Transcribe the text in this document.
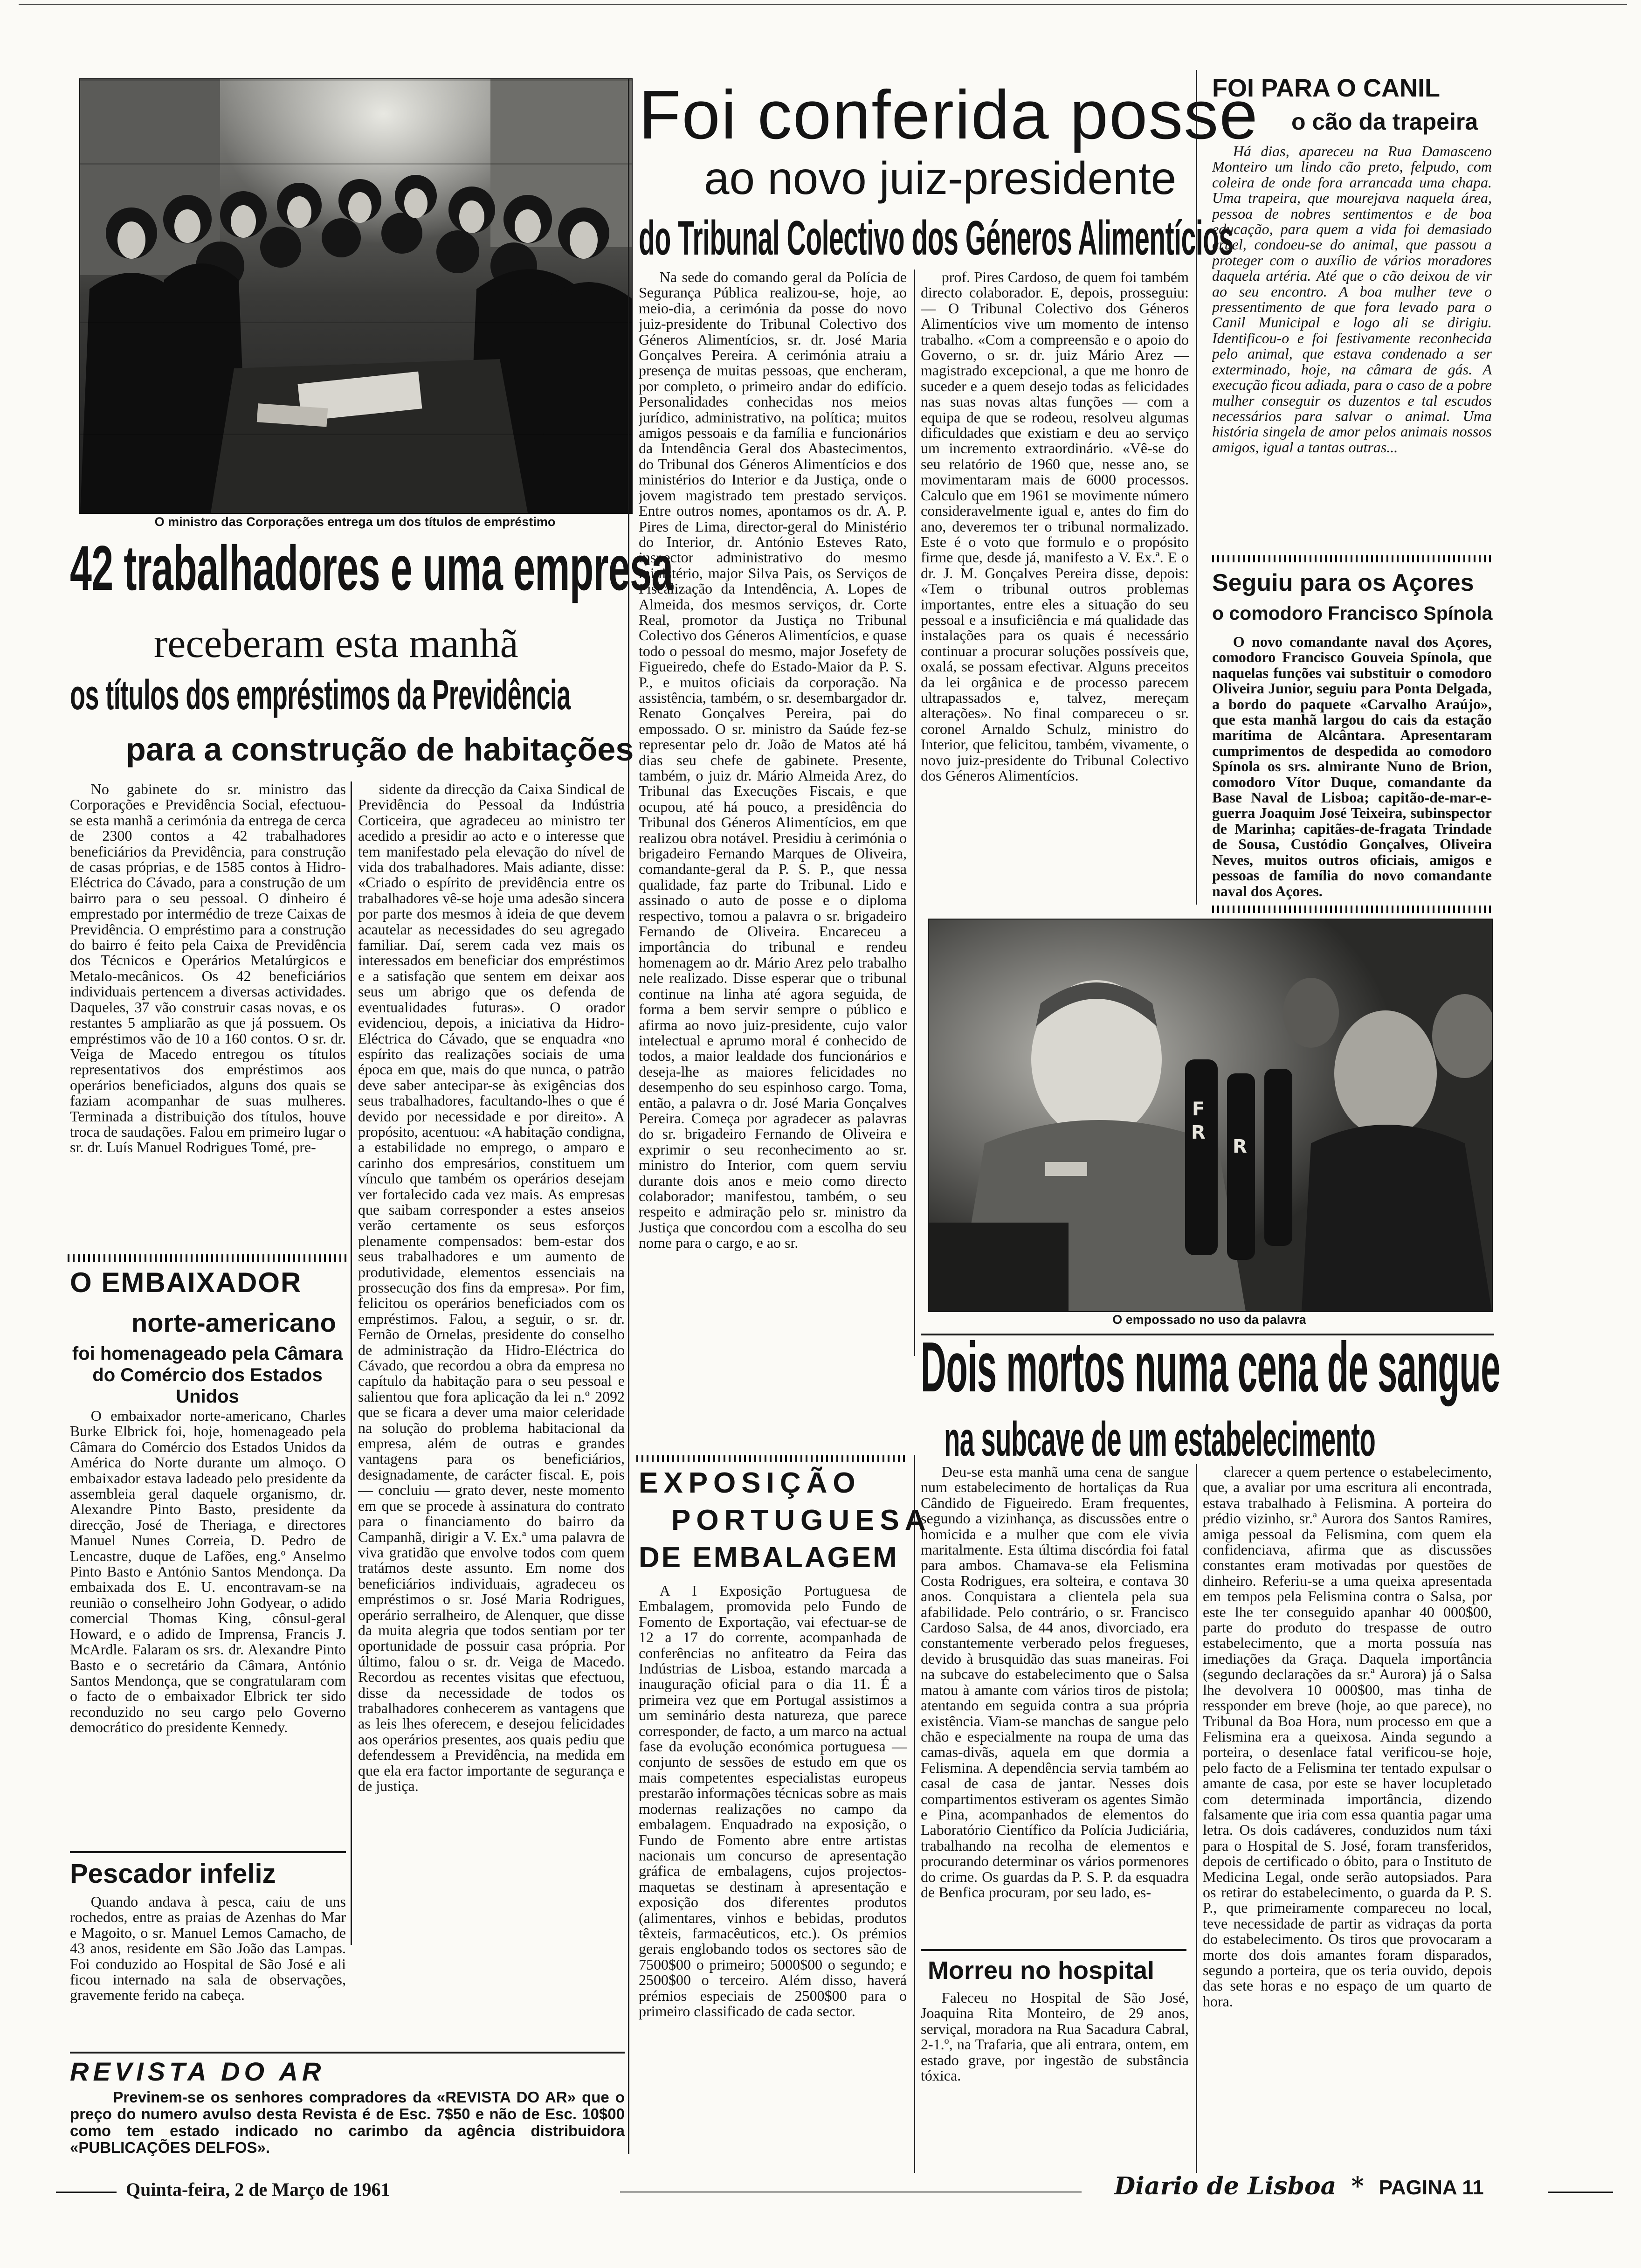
O ministro das Corporações entrega um dos títulos de empréstimo
42 trabalhadores e uma empresa
receberam esta manhã
os títulos dos empréstimos da Previdência
para a construção de habitações

No gabinete do sr. ministro das Corporações e Previdência Social, efectuou-se esta manhã a cerimónia da entrega de cerca de 2300 contos a 42 trabalhadores beneficiários da Previdência, para construção de casas próprias, e de 1585 contos à Hidro-Eléctrica do Cávado, para a construção de um bairro para o seu pessoal. O dinheiro é emprestado por intermédio de treze Caixas de Previdência. O empréstimo para a construção do bairro é feito pela Caixa de Previdência dos Técnicos e Operários Metalúrgicos e Metalo-mecânicos. Os 42 beneficiários individuais pertencem a diversas actividades. Daqueles, 37 vão construir casas novas, e os restantes 5 ampliarão as que já possuem. Os empréstimos vão de 10 a 160 contos. O sr. dr. Veiga de Macedo entregou os títulos representativos dos empréstimos aos operários beneficiados, alguns dos quais se faziam acompanhar de suas mulheres. Terminada a distribuição dos títulos, houve troca de saudações. Falou em primeiro lugar o sr. dr. Luís Manuel Rodrigues Tomé, pre-

sidente da direcção da Caixa Sindical de Previdência do Pessoal da Indústria Corticeira, que agradeceu ao ministro ter acedido a presidir ao acto e o interesse que tem manifestado pela elevação do nível de vida dos trabalhadores. Mais adiante, disse: «Criado o espírito de previdência entre os trabalhadores vê-se hoje uma adesão sincera por parte dos mesmos à ideia de que devem acautelar as necessidades do seu agregado familiar. Daí, serem cada vez mais os interessados em beneficiar dos empréstimos e a satisfação que sentem em deixar aos seus um abrigo que os defenda de eventualidades futuras». O orador evidenciou, depois, a iniciativa da Hidro-Eléctrica do Cávado, que se enquadra «no espírito das realizações sociais de uma época em que, mais do que nunca, o patrão deve saber antecipar-se às exigências dos seus trabalhadores, facultando-lhes o que é devido por necessidade e por direito». A propósito, acentuou: «A habitação condigna, a estabilidade no emprego, o amparo e carinho dos empresários, constituem um vínculo que também os operários desejam ver fortalecido cada vez mais. As empresas que saibam corresponder a estes anseios verão certamente os seus esforços plenamente compensados: bem-estar dos seus trabalhadores e um aumento de produtividade, elementos essenciais na prossecução dos fins da empresa». Por fim, felicitou os operários beneficiados com os empréstimos. Falou, a seguir, o sr. dr. Fernão de Ornelas, presidente do conselho de administração da Hidro-Eléctrica do Cávado, que recordou a obra da empresa no capítulo da habitação para o seu pessoal e salientou que fora aplicação da lei n.º 2092 que se ficara a dever uma maior celeridade na solução do problema habitacional da empresa, além de outras e grandes vantagens para os beneficiários, designadamente, de carácter fiscal. E, pois — concluiu — grato dever, neste momento em que se procede à assinatura do contrato para o financiamento do bairro da Campanhã, dirigir a V. Ex.ª uma palavra de viva gratidão que envolve todos com quem tratámos deste assunto. Em nome dos beneficiários individuais, agradeceu os empréstimos o sr. José Maria Rodrigues, operário serralheiro, de Alenquer, que disse da muita alegria que todos sentiam por ter oportunidade de possuir casa própria. Por último, falou o sr. dr. Veiga de Macedo. Recordou as recentes visitas que efectuou, disse da necessidade de todos os trabalhadores conhecerem as vantagens que as leis lhes oferecem, e desejou felicidades aos operários presentes, aos quais pediu que defendessem a Previdência, na medida em que ela era factor importante de segurança e de justiça.

O EMBAIXADOR
norte-americano
foi homenageado pela Câmara do Comércio dos Estados Unidos

O embaixador norte-americano, Charles Burke Elbrick foi, hoje, homenageado pela Câmara do Comércio dos Estados Unidos da América do Norte durante um almoço. O embaixador estava ladeado pelo presidente da assembleia geral daquele organismo, dr. Alexandre Pinto Basto, presidente da direcção, José de Theriaga, e directores Manuel Nunes Correia, D. Pedro de Lencastre, duque de Lafões, eng.º Anselmo Pinto Basto e António Santos Mendonça. Da embaixada dos E. U. encontravam-se na reunião o conselheiro John Godyear, o adido comercial Thomas King, cônsul-geral Howard, e o adido de Imprensa, Francis J. McArdle. Falaram os srs. dr. Alexandre Pinto Basto e o secretário da Câmara, António Santos Mendonça, que se congratularam com o facto de o embaixador Elbrick ter sido reconduzido no seu cargo pelo Governo democrático do presidente Kennedy.

Pescador infeliz

Quando andava à pesca, caiu de uns rochedos, entre as praias de Azenhas do Mar e Magoito, o sr. Manuel Lemos Camacho, de 43 anos, residente em São João das Lampas. Foi conduzido ao Hospital de São José e ali ficou internado na sala de observações, gravemente ferido na cabeça.

REVISTA DO AR
Previnem-se os senhores compradores da «REVISTA DO AR» que o preço do numero avulso desta Revista é de Esc. 7$50 e não de Esc. 10$00 como tem estado indicado no carimbo da agência distribuidora «PUBLICAÇÕES DELFOS».
Foi conferida posse
ao novo juiz-presidente
do Tribunal Colectivo dos Géneros Alimentícios

Na sede do comando geral da Polícia de Segurança Pública realizou-se, hoje, ao meio-dia, a cerimónia da posse do novo juiz-presidente do Tribunal Colectivo dos Géneros Alimentícios, sr. dr. José Maria Gonçalves Pereira. A cerimónia atraiu a presença de muitas pessoas, que encheram, por completo, o primeiro andar do edifício. Personalidades conhecidas nos meios jurídico, administrativo, na política; muitos amigos pessoais e da família e funcionários da Intendência Geral dos Abastecimentos, do Tribunal dos Géneros Alimentícios e dos ministérios do Interior e da Justiça, onde o jovem magistrado tem prestado serviços. Entre outros nomes, apontamos os dr. A. P. Pires de Lima, director-geral do Ministério do Interior, dr. António Esteves Rato, inspector administrativo do mesmo ministério, major Silva Pais, os Serviços de Fiscalização da Intendência, A. Lopes de Almeida, dos mesmos serviços, dr. Corte Real, promotor da Justiça no Tribunal Colectivo dos Géneros Alimentícios, e quase todo o pessoal do mesmo, major Josefety de Figueiredo, chefe do Estado-Maior da P. S. P., e muitos oficiais da corporação. Na assistência, também, o sr. desembargador dr. Renato Gonçalves Pereira, pai do empossado. O sr. ministro da Saúde fez-se representar pelo dr. João de Matos até há dias seu chefe de gabinete. Presente, também, o juiz dr. Mário Almeida Arez, do Tribunal das Execuções Fiscais, e que ocupou, até há pouco, a presidência do Tribunal dos Géneros Alimentícios, em que realizou obra notável. Presidiu à cerimónia o brigadeiro Fernando Marques de Oliveira, comandante-geral da P. S. P., que nessa qualidade, faz parte do Tribunal. Lido e assinado o auto de posse e o diploma respectivo, tomou a palavra o sr. brigadeiro Fernando de Oliveira. Encareceu a importância do tribunal e rendeu homenagem ao dr. Mário Arez pelo trabalho nele realizado. Disse esperar que o tribunal continue na linha até agora seguida, de forma a bem servir sempre o público e afirma ao novo juiz-presidente, cujo valor intelectual e aprumo moral é conhecido de todos, a maior lealdade dos funcionários e deseja-lhe as maiores felicidades no desempenho do seu espinhoso cargo. Toma, então, a palavra o dr. José Maria Gonçalves Pereira. Começa por agradecer as palavras do sr. brigadeiro Fernando de Oliveira e exprimir o seu reconhecimento ao sr. ministro do Interior, com quem serviu durante dois anos e meio como directo colaborador; manifestou, também, o seu respeito e admiração pelo sr. ministro da Justiça que concordou com a escolha do seu nome para o cargo, e ao sr.

prof. Pires Cardoso, de quem foi também directo colaborador. E, depois, prosseguiu: — O Tribunal Colectivo dos Géneros Alimentícios vive um momento de intenso trabalho. «Com a compreensão e o apoio do Governo, o sr. dr. juiz Mário Arez — magistrado excepcional, a que me honro de suceder e a quem desejo todas as felicidades nas suas novas altas funções — com a equipa de que se rodeou, resolveu algumas dificuldades que existiam e deu ao serviço um incremento extraordinário. «Vê-se do seu relatório de 1960 que, nesse ano, se movimentaram mais de 6000 processos. Calculo que em 1961 se movimente número consideravelmente igual e, antes do fim do ano, deveremos ter o tribunal normalizado. Este é o voto que formulo e o propósito firme que, desde já, manifesto a V. Ex.ª. E o dr. J. M. Gonçalves Pereira disse, depois: «Tem o tribunal outros problemas importantes, entre eles a situação do seu pessoal e a insuficiência e má qualidade das instalações para os quais é necessário continuar a procurar soluções possíveis que, oxalá, se possam efectivar. Alguns preceitos da lei orgânica e de processo parecem ultrapassados e, talvez, mereçam alterações». No final compareceu o sr. coronel Arnaldo Schulz, ministro do Interior, que felicitou, também, vivamente, o novo juiz-presidente do Tribunal Colectivo dos Géneros Alimentícios.

EXPOSIÇÃO
PORTUGUESA
DE EMBALAGEM

A I Exposição Portuguesa de Embalagem, promovida pelo Fundo de Fomento de Exportação, vai efectuar-se de 12 a 17 do corrente, acompanhada de conferências no anfiteatro da Feira das Indústrias de Lisboa, estando marcada a inauguração oficial para o dia 11. É a primeira vez que em Portugal assistimos a um seminário desta natureza, que parece corresponder, de facto, a um marco na actual fase da evolução económica portuguesa — conjunto de sessões de estudo em que os mais competentes especialistas europeus prestarão informações técnicas sobre as mais modernas realizações no campo da embalagem. Enquadrado na exposição, o Fundo de Fomento abre entre artistas nacionais um concurso de apresentação gráfica de embalagens, cujos projectos-maquetas se destinam à apresentação e exposição dos diferentes produtos (alimentares, vinhos e bebidas, produtos têxteis, farmacêuticos, etc.). Os prémios gerais englobando todos os sectores são de 7500$00 o primeiro; 5000$00 o segundo; e 2500$00 o terceiro. Além disso, haverá prémios especiais de 2500$00 para o primeiro classificado de cada sector.

Morreu no hospital

Faleceu no Hospital de São José, Joaquina Rita Monteiro, de 29 anos, serviçal, moradora na Rua Sacadura Cabral, 2-1.º, na Trafaria, que ali entrara, ontem, em estado grave, por ingestão de substância tóxica.

FOI PARA O CANIL
o cão da trapeira

Há dias, apareceu na Rua Damasceno Monteiro um lindo cão preto, felpudo, com coleira de onde fora arrancada uma chapa. Uma trapeira, que mourejava naquela área, pessoa de nobres sentimentos e de boa educação, para quem a vida foi demasiado cruel, condoeu-se do animal, que passou a proteger com o auxílio de vários moradores daquela artéria. Até que o cão deixou de vir ao seu encontro. A boa mulher teve o pressentimento de que fora levado para o Canil Municipal e logo ali se dirigiu. Identificou-o e foi festivamente reconhecida pelo animal, que estava condenado a ser exterminado, hoje, na câmara de gás. A execução ficou adiada, para o caso de a pobre mulher conseguir os duzentos e tal escudos necessários para salvar o animal. Uma história singela de amor pelos animais nossos amigos, igual a tantas outras...

Seguiu para os Açores
o comodoro Francisco Spínola

O novo comandante naval dos Açores, comodoro Francisco Gouveia Spínola, que naquelas funções vai substituir o comodoro Oliveira Junior, seguiu para Ponta Delgada, a bordo do paquete «Carvalho Araújo», que esta manhã largou do cais da estação marítima de Alcântara. Apresentaram cumprimentos de despedida ao comodoro Spínola os srs. almirante Nuno de Brion, comodoro Vítor Duque, comandante da Base Naval de Lisboa; capitão-de-mar-e-guerra Joaquim José Teixeira, subinspector de Marinha; capitães-de-fragata Trindade de Sousa, Custódio Gonçalves, Oliveira Neves, muitos outros oficiais, amigos e pessoas de família do novo comandante naval dos Açores.

F
R
R
O empossado no uso da palavra
Dois mortos numa cena de sangue
na subcave de um estabelecimento

Deu-se esta manhã uma cena de sangue num estabelecimento de hortaliças da Rua Cândido de Figueiredo. Eram frequentes, segundo a vizinhança, as discussões entre o homicida e a mulher que com ele vivia maritalmente. Esta última discórdia foi fatal para ambos. Chamava-se ela Felismina Costa Rodrigues, era solteira, e contava 30 anos. Conquistara a clientela pela sua afabilidade. Pelo contrário, o sr. Francisco Cardoso Salsa, de 44 anos, divorciado, era constantemente verberado pelos fregueses, devido à brusquidão das suas maneiras. Foi na subcave do estabelecimento que o Salsa matou à amante com vários tiros de pistola; atentando em seguida contra a sua própria existência. Viam-se manchas de sangue pelo chão e especialmente na roupa de uma das camas-divãs, aquela em que dormia a Felismina. A dependência servia também ao casal de casa de jantar. Nesses dois compartimentos estiveram os agentes Simão e Pina, acompanhados de elementos do Laboratório Científico da Polícia Judiciária, trabalhando na recolha de elementos e procurando determinar os vários pormenores do crime. Os guardas da P. S. P. da esquadra de Benfica procuram, por seu lado, es-

clarecer a quem pertence o estabelecimento, que, a avaliar por uma escritura ali encontrada, estava trabalhado à Felismina. A porteira do prédio vizinho, sr.ª Aurora dos Santos Ramires, amiga pessoal da Felismina, com quem ela confidenciava, afirma que as discussões constantes eram motivadas por questões de dinheiro. Referiu-se a uma queixa apresentada em tempos pela Felismina contra o Salsa, por este lhe ter conseguido apanhar 40 000$00, parte do produto do trespasse de outro estabelecimento, que a morta possuía nas imediações da Graça. Daquela importância (segundo declarações da sr.ª Aurora) já o Salsa lhe devolvera 10 000$00, mas tinha de ressponder em breve (hoje, ao que parece), no Tribunal da Boa Hora, num processo em que a Felismina era a queixosa. Ainda segundo a porteira, o desenlace fatal verificou-se hoje, pelo facto de a Felismina ter tentado expulsar o amante de casa, por este se haver locupletado com determinada importância, dizendo falsamente que iria com essa quantia pagar uma letra. Os dois cadáveres, conduzidos num táxi para o Hospital de S. José, foram transferidos, depois de certificado o óbito, para o Instituto de Medicina Legal, onde serão autopsiados. Para os retirar do estabelecimento, o guarda da P. S. P., que primeiramente compareceu no local, teve necessidade de partir as vidraças da porta do estabelecimento. Os tiros que provocaram a morte dos dois amantes foram disparados, segundo a porteira, que os teria ouvido, depois das sete horas e no espaço de um quarto de hora.

Quinta-feira, 2 de Março de 1961	Diario de Lisboa * PAGINA 11
